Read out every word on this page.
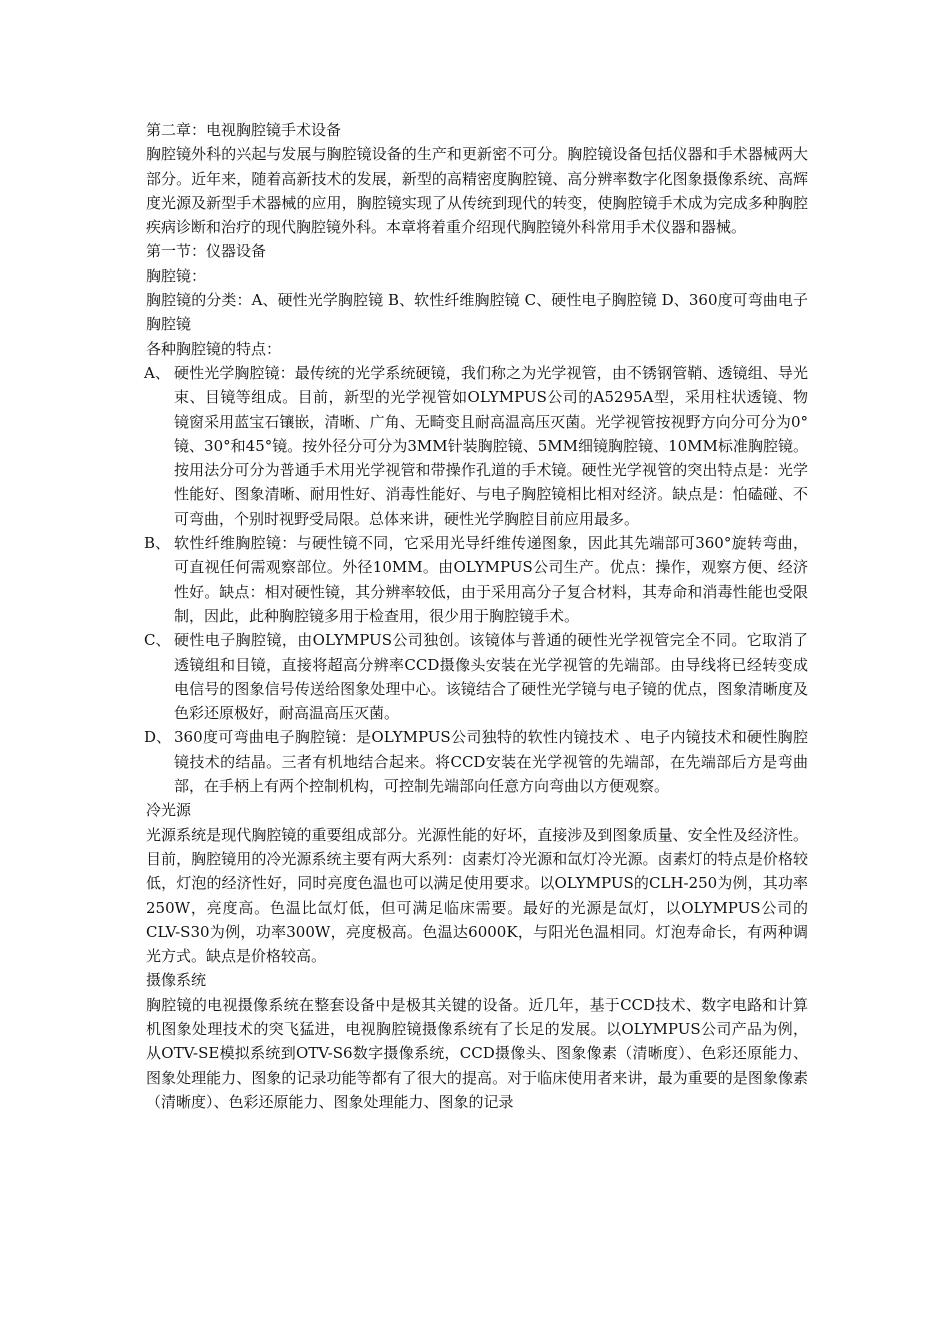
第二章：电视胸腔镜手术设备

胸腔镜外科的兴起与发展与胸腔镜设备的生产和更新密不可分。胸腔镜设备包括仪器和手术器械两大部分。近年来，随着高新技术的发展，新型的高精密度胸腔镜、高分辨率数字化图象摄像系统、高辉度光源及新型手术器械的应用，胸腔镜实现了从传统到现代的转变，使胸腔镜手术成为完成多种胸腔疾病诊断和治疗的现代胸腔镜外科。本章将着重介绍现代胸腔镜外科常用手术仪器和器械。

第一节：仪器设备

胸腔镜：

胸腔镜的分类：A、硬性光学胸腔镜 B、软性纤维胸腔镜 C、硬性电子胸腔镜 D、360度可弯曲电子胸腔镜

各种胸腔镜的特点：

A、 硬性光学胸腔镜：最传统的光学系统硬镜，我们称之为光学视管，由不锈钢管鞘、透镜组、导光束、目镜等组成。目前，新型的光学视管如OLYMPUS公司的A5295A型，采用柱状透镜、物镜窗采用蓝宝石镶嵌，清晰、广角、无畸变且耐高温高压灭菌。光学视管按视野方向分可分为0°镜、30°和45°镜。按外径分可分为3MM针装胸腔镜、5MM细镜胸腔镜、10MM标准胸腔镜。按用法分可分为普通手术用光学视管和带操作孔道的手术镜。硬性光学视管的突出特点是：光学性能好、图象清晰、耐用性好、消毒性能好、与电子胸腔镜相比相对经济。缺点是：怕磕碰、不可弯曲，个别时视野受局限。总体来讲，硬性光学胸腔目前应用最多。

B、 软性纤维胸腔镜：与硬性镜不同，它采用光导纤维传递图象，因此其先端部可360°旋转弯曲，可直视任何需观察部位。外径10MM。由OLYMPUS公司生产。优点：操作，观察方便、经济性好。缺点：相对硬性镜，其分辨率较低，由于采用高分子复合材料，其寿命和消毒性能也受限制，因此，此种胸腔镜多用于检查用，很少用于胸腔镜手术。

C、 硬性电子胸腔镜，由OLYMPUS公司独创。该镜体与普通的硬性光学视管完全不同。它取消了透镜组和目镜，直接将超高分辨率CCD摄像头安装在光学视管的先端部。由导线将已经转变成电信号的图象信号传送给图象处理中心。该镜结合了硬性光学镜与电子镜的优点，图象清晰度及色彩还原极好，耐高温高压灭菌。

D、 360度可弯曲电子胸腔镜：是OLYMPUS公司独特的软性内镜技术 、电子内镜技术和硬性胸腔镜技术的结晶。三者有机地结合起来。将CCD安装在光学视管的先端部，在先端部后方是弯曲部，在手柄上有两个控制机构，可控制先端部向任意方向弯曲以方便观察。

冷光源

光源系统是现代胸腔镜的重要组成部分。光源性能的好坏，直接涉及到图象质量、安全性及经济性。目前，胸腔镜用的冷光源系统主要有两大系列：卤素灯冷光源和氙灯冷光源。卤素灯的特点是价格较低，灯泡的经济性好，同时亮度色温也可以满足使用要求。以OLYMPUS的CLH-250为例，其功率250W，亮度高。色温比氙灯低，但可满足临床需要。最好的光源是氙灯，以OLYMPUS公司的CLV-S30为例，功率300W，亮度极高。色温达6000K，与阳光色温相同。灯泡寿命长，有两种调光方式。缺点是价格较高。

摄像系统

胸腔镜的电视摄像系统在整套设备中是极其关键的设备。近几年，基于CCD技术、数字电路和计算机图象处理技术的突飞猛进，电视胸腔镜摄像系统有了长足的发展。以OLYMPUS公司产品为例，从OTV-SE模拟系统到OTV-S6数字摄像系统，CCD摄像头、图象像素（清晰度）、色彩还原能力、图象处理能力、图象的记录功能等都有了很大的提高。对于临床使用者来讲，最为重要的是图象像素（清晰度）、色彩还原能力、图象处理能力、图象的记录
